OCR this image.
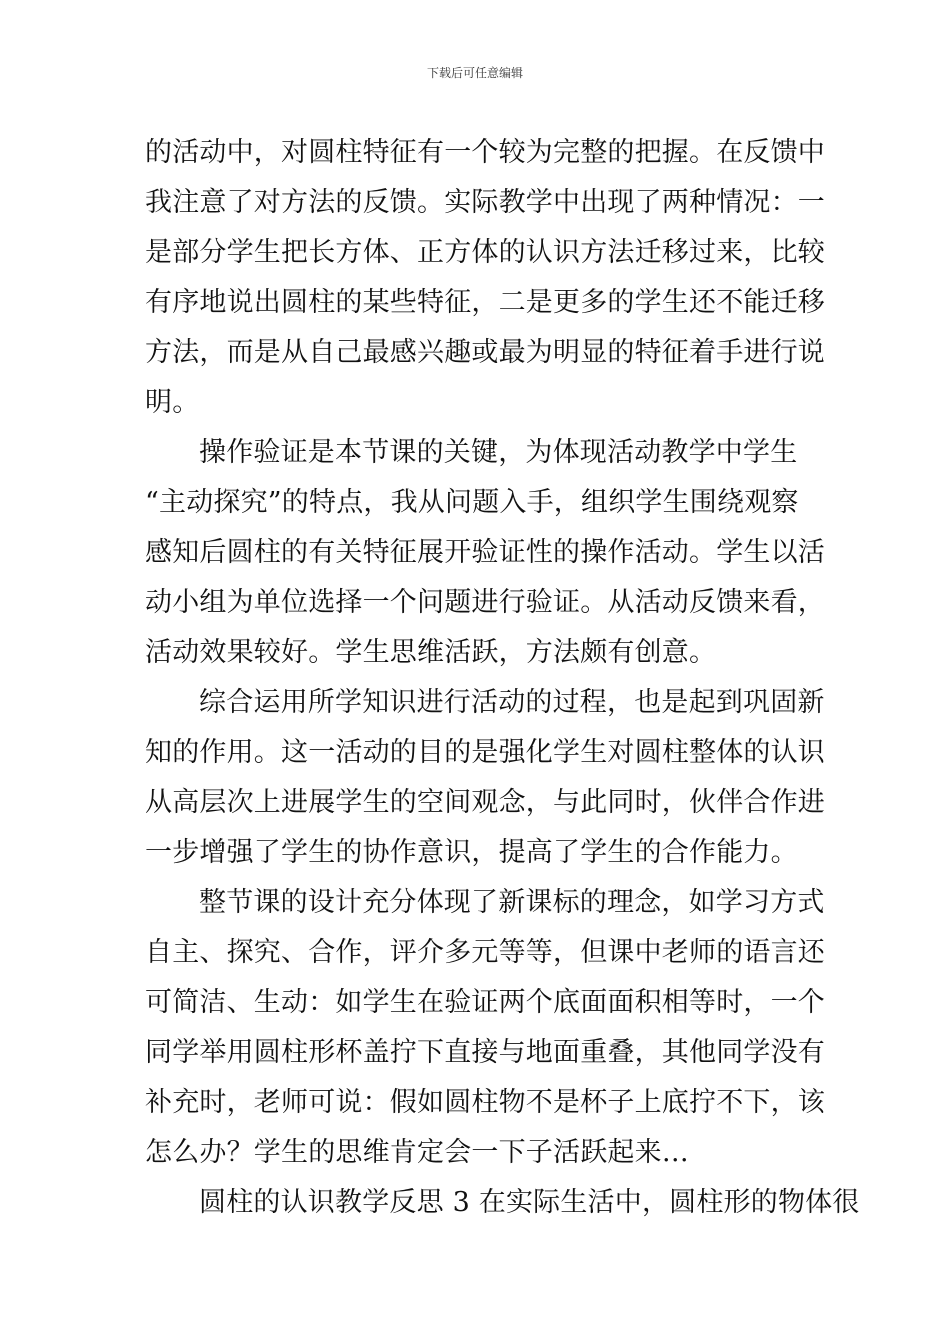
下载后可任意编辑
的活动中，对圆柱特征有一个较为完整的把握。在反馈中
我注意了对方法的反馈。实际教学中出现了两种情况：一
是部分学生把长方体、正方体的认识方法迁移过来，比较
有序地说出圆柱的某些特征，二是更多的学生还不能迁移
方法，而是从自己最感兴趣或最为明显的特征着手进行说
明。
操作验证是本节课的关键，为体现活动教学中学生
“主动探究”的特点，我从问题入手，组织学生围绕观察
感知后圆柱的有关特征展开验证性的操作活动。学生以活
动小组为单位选择一个问题进行验证。从活动反馈来看，
活动效果较好。学生思维活跃，方法颇有创意。
综合运用所学知识进行活动的过程，也是起到巩固新
知的作用。这一活动的目的是强化学生对圆柱整体的认识
从高层次上进展学生的空间观念，与此同时，伙伴合作进
一步增强了学生的协作意识，提高了学生的合作能力。
整节课的设计充分体现了新课标的理念，如学习方式
自主、探究、合作，评介多元等等，但课中老师的语言还
可简洁、生动：如学生在验证两个底面面积相等时，一个
同学举用圆柱形杯盖拧下直接与地面重叠，其他同学没有
补充时，老师可说：假如圆柱物不是杯子上底拧不下，该
怎么办？学生的思维肯定会一下子活跃起来…
圆柱的认识教学反思 3 在实际生活中，圆柱形的物体很
